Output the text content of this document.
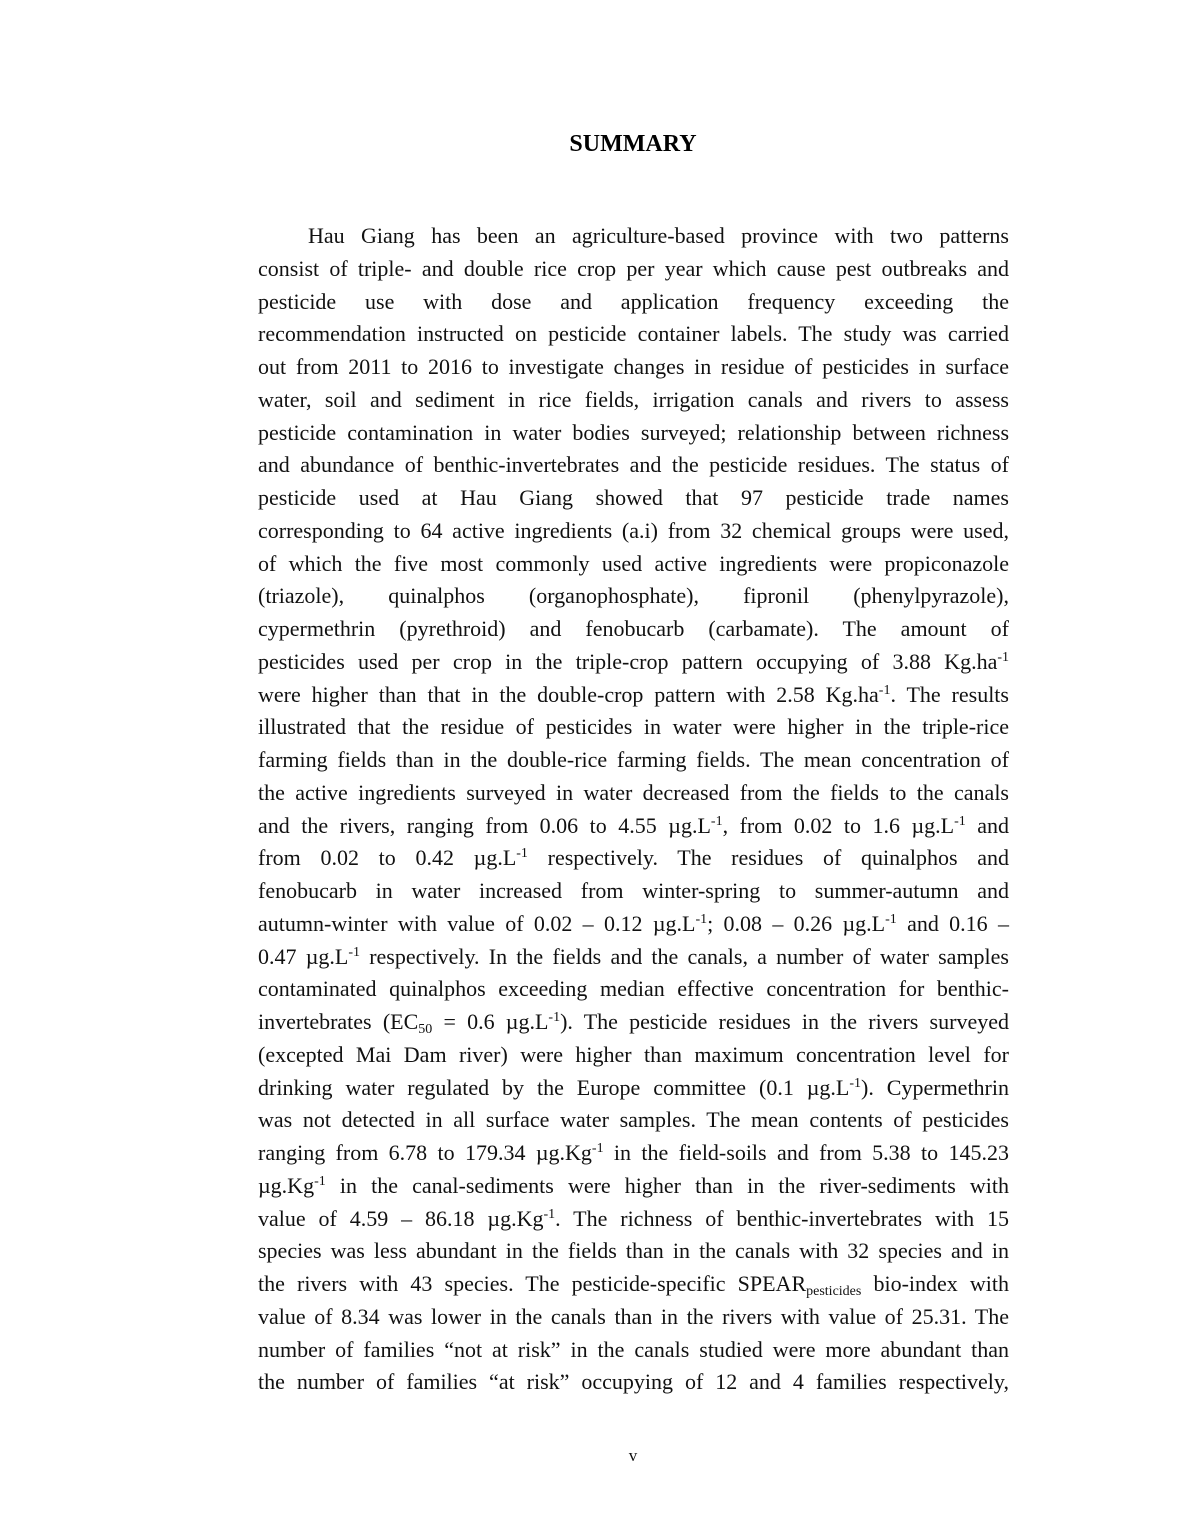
SUMMARY
Hau Giang has been an agriculture-based province with two patterns
consist of triple- and double rice crop per year which cause pest outbreaks and
pesticide use with dose and application frequency exceeding the
recommendation instructed on pesticide container labels. The study was carried
out from 2011 to 2016 to investigate changes in residue of pesticides in surface
water, soil and sediment in rice fields, irrigation canals and rivers to assess
pesticide contamination in water bodies surveyed; relationship between richness
and abundance of benthic-invertebrates and the pesticide residues. The status of
pesticide used at Hau Giang showed that 97 pesticide trade names
corresponding to 64 active ingredients (a.i) from 32 chemical groups were used,
of which the five most commonly used active ingredients were propiconazole
(triazole), quinalphos (organophosphate), fipronil (phenylpyrazole),
cypermethrin (pyrethroid) and fenobucarb (carbamate). The amount of
pesticides used per crop in the triple-crop pattern occupying of 3.88 $Kg.ha^{-1}$
were higher than that in the double-crop pattern with 2.58 $Kg.ha^{-1}$. The results
illustrated that the residue of pesticides in water were higher in the triple-rice
farming fields than in the double-rice farming fields. The mean concentration of
the active ingredients surveyed in water decreased from the fields to the canals
and the rivers, ranging from 0.06 to 4.55 $\mu g.L^{-1}$, from 0.02 to 1.6 $\mu g.L^{-1}$ and
from 0.02 to 0.42 $\mu g.L^{-1}$ respectively. The residues of quinalphos and
fenobucarb in water increased from winter-spring to summer-autumn and
autumn-winter with value of 0.02 – 0.12 $\mu g.L^{-1}$; 0.08 – 0.26 $\mu g.L^{-1}$ and 0.16 –
0.47 $\mu g.L^{-1}$ respectively. In the fields and the canals, a number of water samples
contaminated quinalphos exceeding median effective concentration for benthic-
invertebrates ($EC_{50} = 0.6$ $\mu g.L^{-1}$). The pesticide residues in the rivers surveyed
(excepted Mai Dam river) were higher than maximum concentration level for
drinking water regulated by the Europe committee (0.1 $\mu g.L^{-1}$). Cypermethrin
was not detected in all surface water samples. The mean contents of pesticides
ranging from 6.78 to 179.34 $\mu g.Kg^{-1}$ in the field-soils and from 5.38 to 145.23
$\mu g.Kg^{-1}$ in the canal-sediments were higher than in the river-sediments with
value of 4.59 – 86.18 $\mu g.Kg^{-1}$. The richness of benthic-invertebrates with 15
species was less abundant in the fields than in the canals with 32 species and in
the rivers with 43 species. The pesticide-specific $SPEAR_{pesticides}$ bio-index with
value of 8.34 was lower in the canals than in the rivers with value of 25.31. The
number of families “not at risk” in the canals studied were more abundant than
the number of families “at risk” occupying of 12 and 4 families respectively,
v
